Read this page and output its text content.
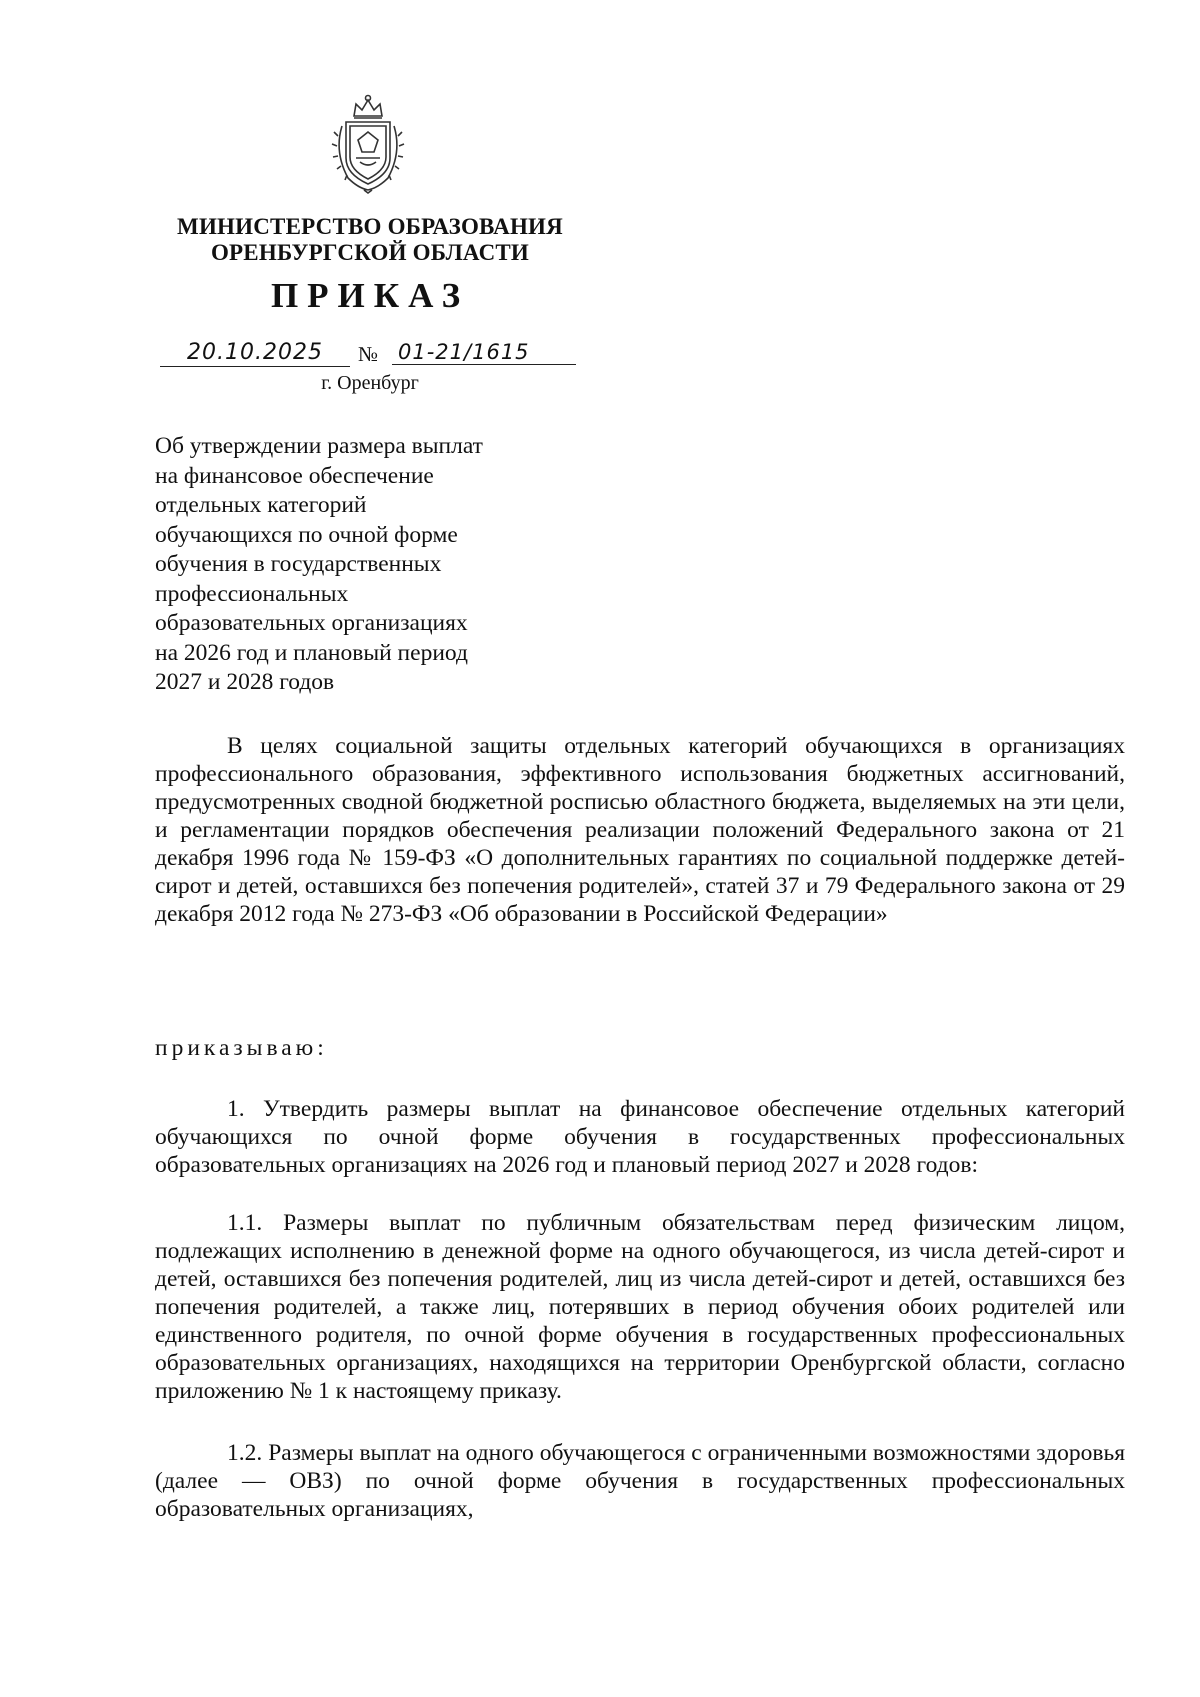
МИНИСТЕРСТВО ОБРАЗОВАНИЯ
ОРЕНБУРГСКОЙ ОБЛАСТИ
ПРИКАЗ
20.10.2025	№ 01-21/1615
г. Оренбург
Об утверждении размера выплат
на финансовое обеспечение
отдельных категорий
обучающихся по очной форме
обучения в государственных
профессиональных
образовательных организациях
на 2026 год и плановый период
2027 и 2028 годов

В целях социальной защиты отдельных категорий обучающихся в организациях профессионального образования, эффективного использования бюджетных ассигнований, предусмотренных сводной бюджетной росписью областного бюджета, выделяемых на эти цели, и регламентации порядков обеспечения реализации положений Федерального закона от 21 декабря 1996 года № 159-ФЗ «О дополнительных гарантиях по социальной поддержке детей-сирот и детей, оставшихся без попечения родителей», статей 37 и 79 Федерального закона от 29 декабря 2012 года № 273-ФЗ «Об образовании в Российской Федерации»

приказываю:

1. Утвердить размеры выплат на финансовое обеспечение отдельных категорий обучающихся по очной форме обучения в государственных профессиональных образовательных организациях на 2026 год и плановый период 2027 и 2028 годов:

1.1. Размеры выплат по публичным обязательствам перед физическим лицом, подлежащих исполнению в денежной форме на одного обучающегося, из числа детей-сирот и детей, оставшихся без попечения родителей, лиц из числа детей-сирот и детей, оставшихся без попечения родителей, а также лиц, потерявших в период обучения обоих родителей или единственного родителя, по очной форме обучения в государственных профессиональных образовательных организациях, находящихся на территории Оренбургской области, согласно приложению № 1 к настоящему приказу.

1.2. Размеры выплат на одного обучающегося с ограниченными возможностями здоровья (далее — ОВЗ) по очной форме обучения в государственных профессиональных образовательных организациях,
